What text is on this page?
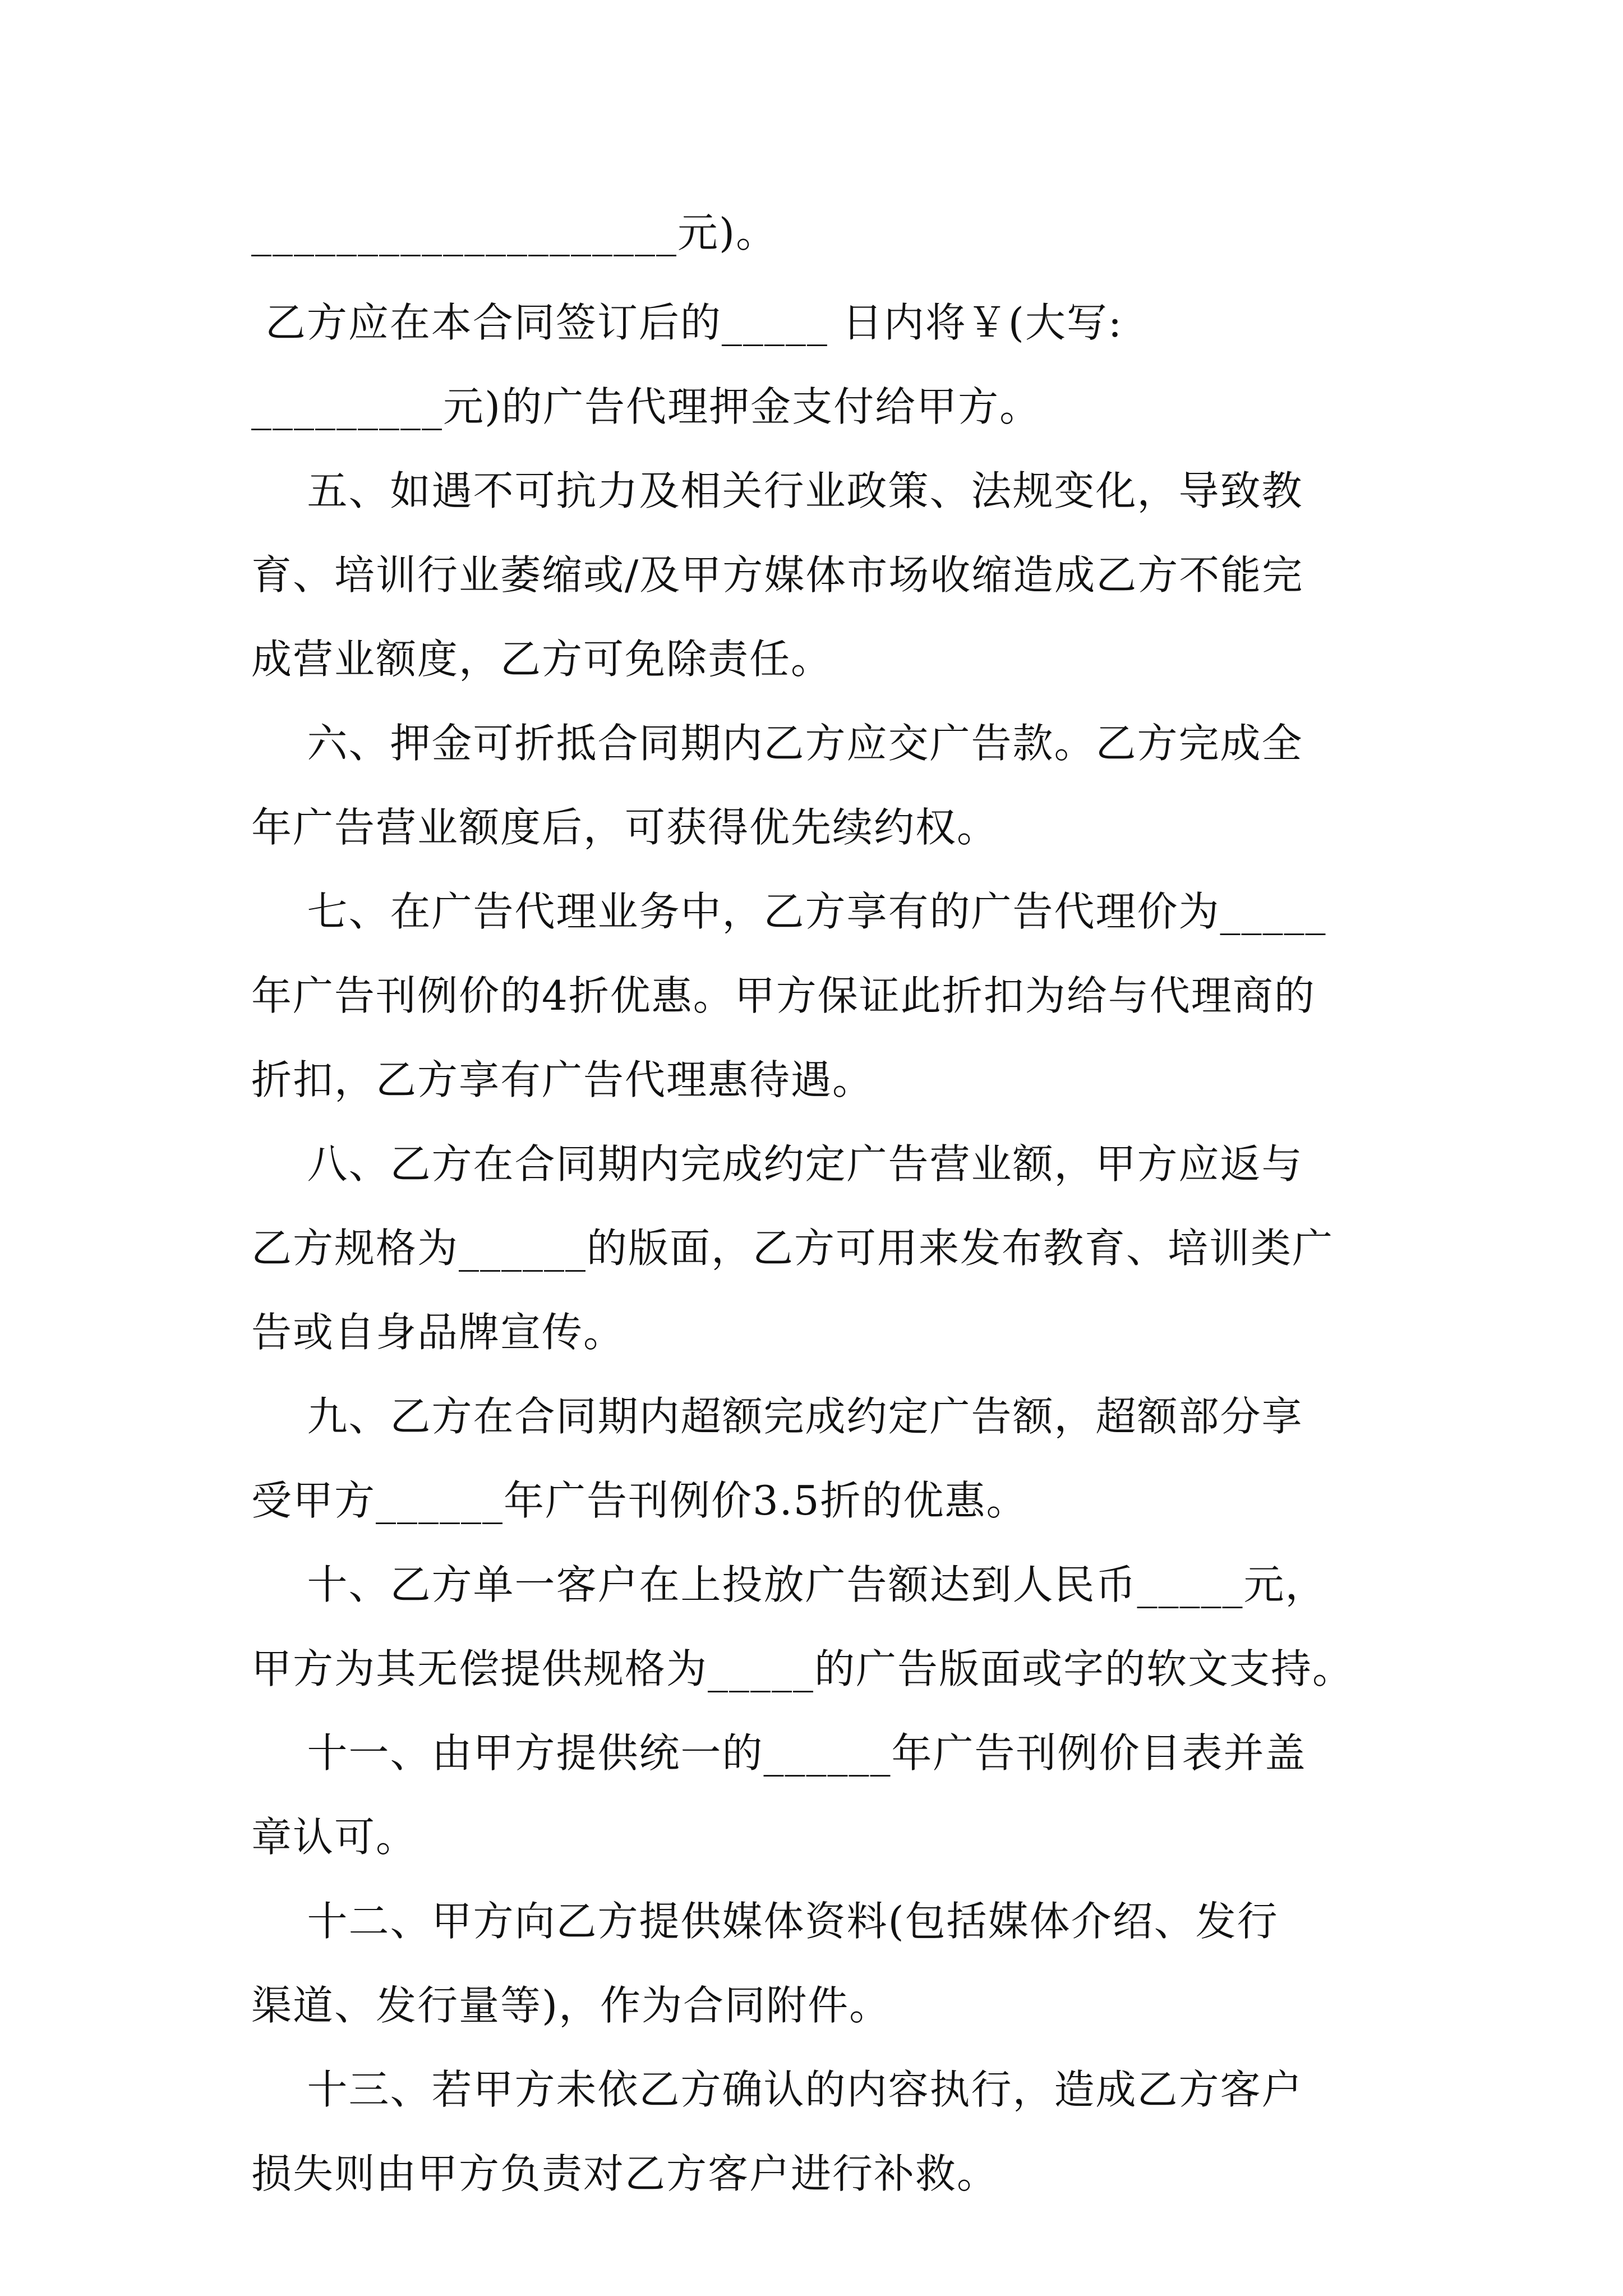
____________________元)。
乙方应在本合同签订后的_____ 日内将￥(大写:
_________元)的广告代理押金支付给甲方。
五、如遇不可抗力及相关行业政策、法规变化，导致教
育、培训行业萎缩或/及甲方媒体市场收缩造成乙方不能完
成营业额度，乙方可免除责任。
六、押金可折抵合同期内乙方应交广告款。乙方完成全
年广告营业额度后，可获得优先续约权。
七、在广告代理业务中，乙方享有的广告代理价为_____
年广告刊例价的4折优惠。甲方保证此折扣为给与代理商的
折扣，乙方享有广告代理惠待遇。
八、乙方在合同期内完成约定广告营业额，甲方应返与
乙方规格为______的版面，乙方可用来发布教育、培训类广
告或自身品牌宣传。
九、乙方在合同期内超额完成约定广告额，超额部分享
受甲方______年广告刊例价3.5折的优惠。
十、乙方单一客户在上投放广告额达到人民币_____元，
甲方为其无偿提供规格为_____的广告版面或字的软文支持。
十一、由甲方提供统一的______年广告刊例价目表并盖
章认可。
十二、甲方向乙方提供媒体资料(包括媒体介绍、发行
渠道、发行量等)，作为合同附件。
十三、若甲方未依乙方确认的内容执行，造成乙方客户
损失则由甲方负责对乙方客户进行补救。
